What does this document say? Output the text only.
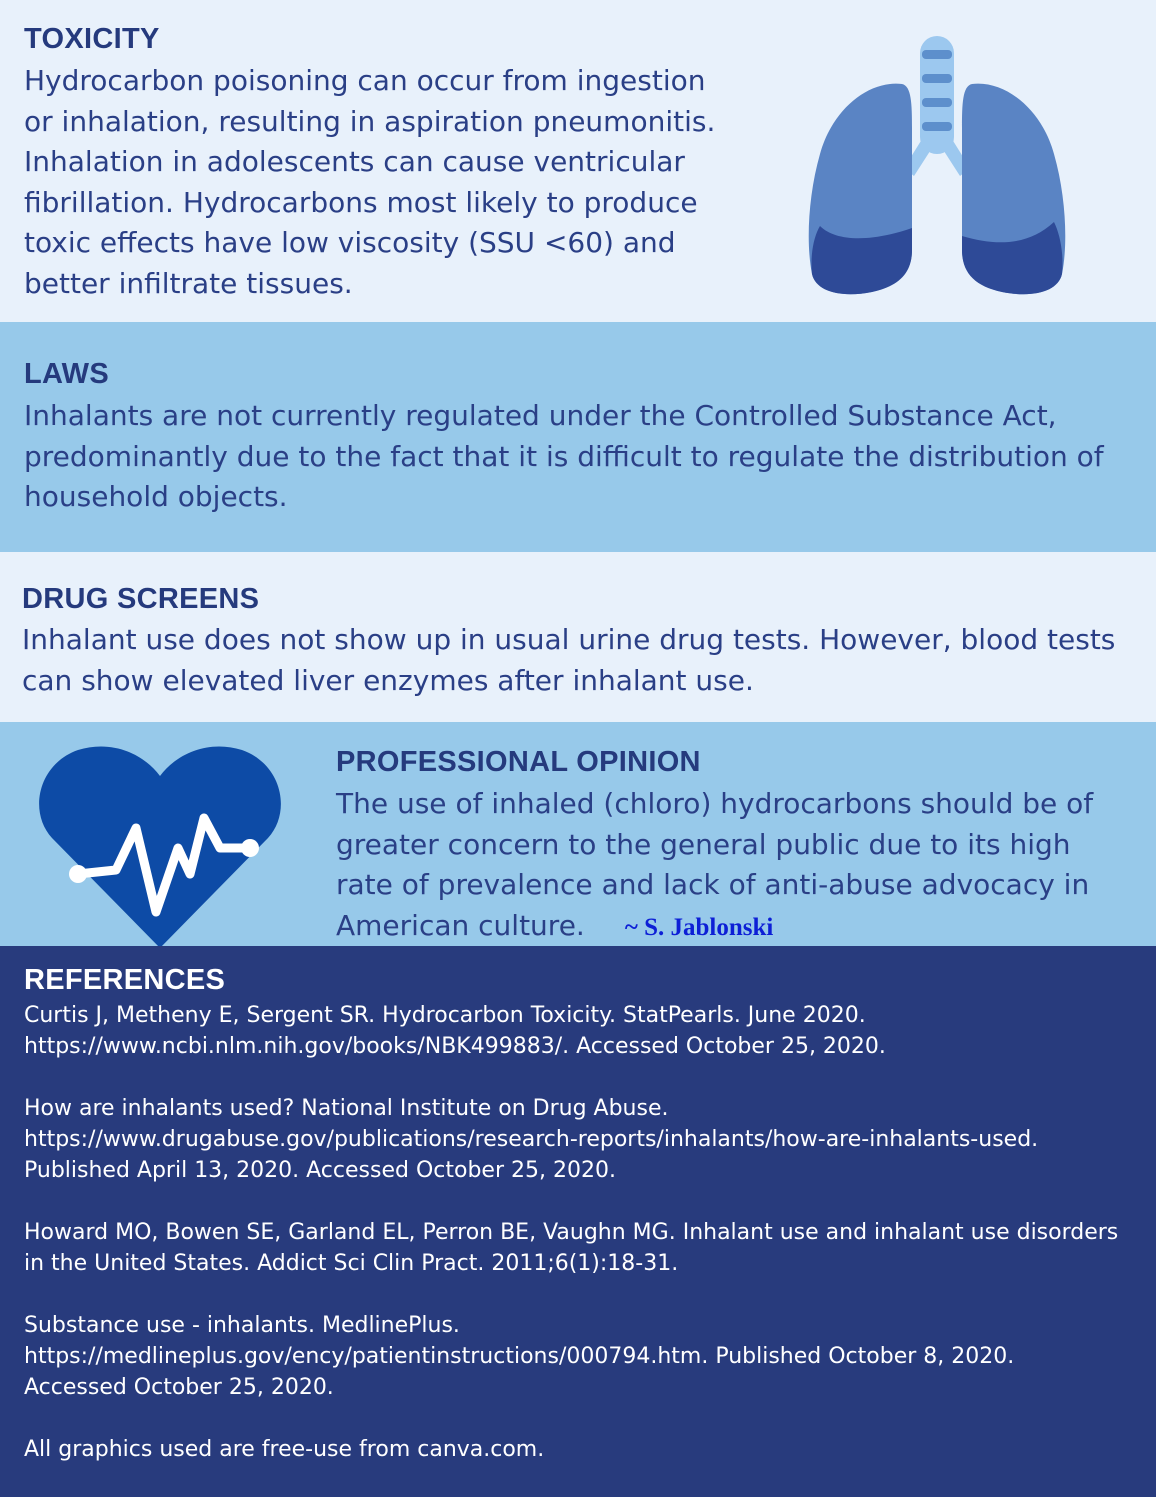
TOXICITY

Hydrocarbon poisoning can occur from ingestion
or inhalation, resulting in aspiration pneumonitis.
Inhalation in adolescents can cause ventricular
fibrillation. Hydrocarbons most likely to produce
toxic effects have low viscosity (SSU <60) and
better infiltrate tissues.

LAWS

Inhalants are not currently regulated under the Controlled Substance Act,
predominantly due to the fact that it is difficult to regulate the distribution of
household objects.

DRUG SCREENS

Inhalant use does not show up in usual urine drug tests. However, blood tests
can show elevated liver enzymes after inhalant use.

PROFESSIONAL OPINION

The use of inhaled (chloro) hydrocarbons should be of
greater concern to the general public due to its high
rate of prevalence and lack of anti-abuse advocacy in
American culture. ~ S. Jablonski

REFERENCES

Curtis J, Metheny E, Sergent SR. Hydrocarbon Toxicity. StatPearls. June 2020.
https://www.ncbi.nlm.nih.gov/books/NBK499883/. Accessed October 25, 2020.

How are inhalants used? National Institute on Drug Abuse.
https://www.drugabuse.gov/publications/research-reports/inhalants/how-are-inhalants-used.
Published April 13, 2020. Accessed October 25, 2020.

Howard MO, Bowen SE, Garland EL, Perron BE, Vaughn MG. Inhalant use and inhalant use disorders
in the United States. Addict Sci Clin Pract. 2011;6(1):18-31.

Substance use - inhalants. MedlinePlus.
https://medlineplus.gov/ency/patientinstructions/000794.htm. Published October 8, 2020.
Accessed October 25, 2020.

All graphics used are free-use from canva.com.
